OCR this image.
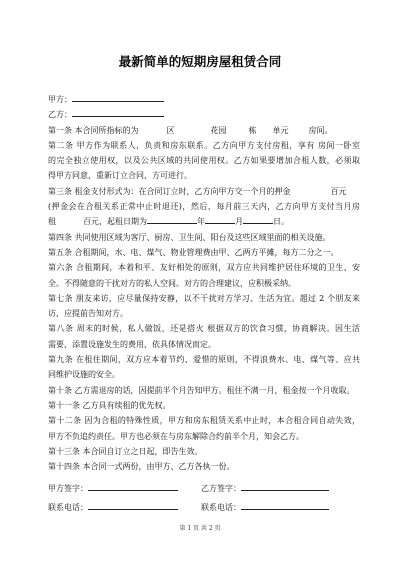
最新简单的短期房屋租赁合同
甲方：
乙方：
第一条 本合同所指标的为	区	花园	栋 单元	房间。
第二条 甲方作为联系人，负责和房东联系。乙方向甲方支付房租，享有 房间一卧室
的完全独立使用权，以及公共区域的共同使用权。乙方如果要增加合租人数，必须取
得甲方同意，重新订立合同，方可进行。
第三条 租金支付形式为：在合同订立时，乙方向甲方交一个月的押金	百元
(押金会在合租关系正常中止时退还)，然后，每月前三天内，乙方向甲方支付当月房
租	百元，起租日期为	年	月	日。
第四条 共同使用区域为客厅、厨房、卫生间、阳台及这些区域里面的相关设施。
第五条 合租期间，水、电、煤气、物业管理费由甲、乙两方平摊，每方二分之一。
第六条 合租期间，本着和平、友好相处的原则，双方应共同维护居住环境的卫生、安
全。不得随意的干扰对方的私人空间。对方的合理建议，应积极采纳。
第七条 朋友来访，应尽量保持安静，以不干扰对方学习、生活为宜。超过 2 个朋友来
访，应提前告知对方。
第八条 周末的时候，私人做饭，还是搭火 根据双方的饮食习惯，协商解决。因生活
需要，添置设施发生的费用，依具体情况而定。
第九条 在租住期间，双方应本着节约、爱惜的原则，不得浪费水、电、煤气等、应共
同维护设施的安全。
第十条 乙方需退房的话，因提前半个月告知甲方。租住不满一月，租金按一个月收取。
第十一条 乙方具有续租的优先权。
第十二条 因为合租的特殊性质，甲方和房东租赁关系中止时，本合租合同自动失效，
甲方不负追约责任。甲方也必须在与房东解除合约前半个月，知会乙方。
第十三条 本合同自订立之日起，即告生效。
第十四条 本合同一式两份，由甲方、乙方各执一份。
甲方签字：	乙方签字：
联系电话：	联系电话：
第 1 页 共 2 页
